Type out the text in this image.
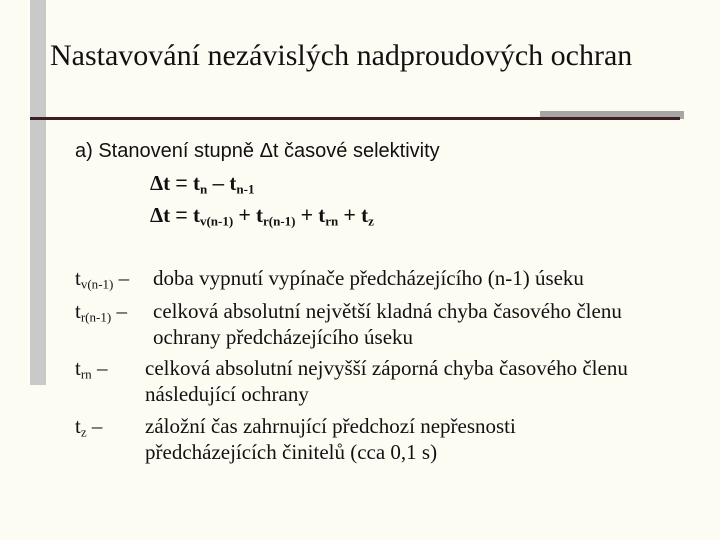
Nastavování nezávislých nadproudových ochran
a) Stanovení stupně Δt časové selektivity
$\Delta t = t_n - t_{n-1}$
$\Delta t = t_{v(n-1)} + t_{r(n-1)} + t_{rn} + t_z$
$t_{v(n-1)}$ – doba vypnutí vypínače předcházejícího (n-1) úseku
$t_{r(n-1)}$ – celková absolutní největší kladná chyba časového členu
ochrany předcházejícího úseku
$t_{rn}$ – celková absolutní nejvyšší záporná chyba časového členu
následující ochrany
$t_z$ – záložní čas zahrnující předchozí nepřesnosti
předcházejících činitelů (cca 0,1 s)
